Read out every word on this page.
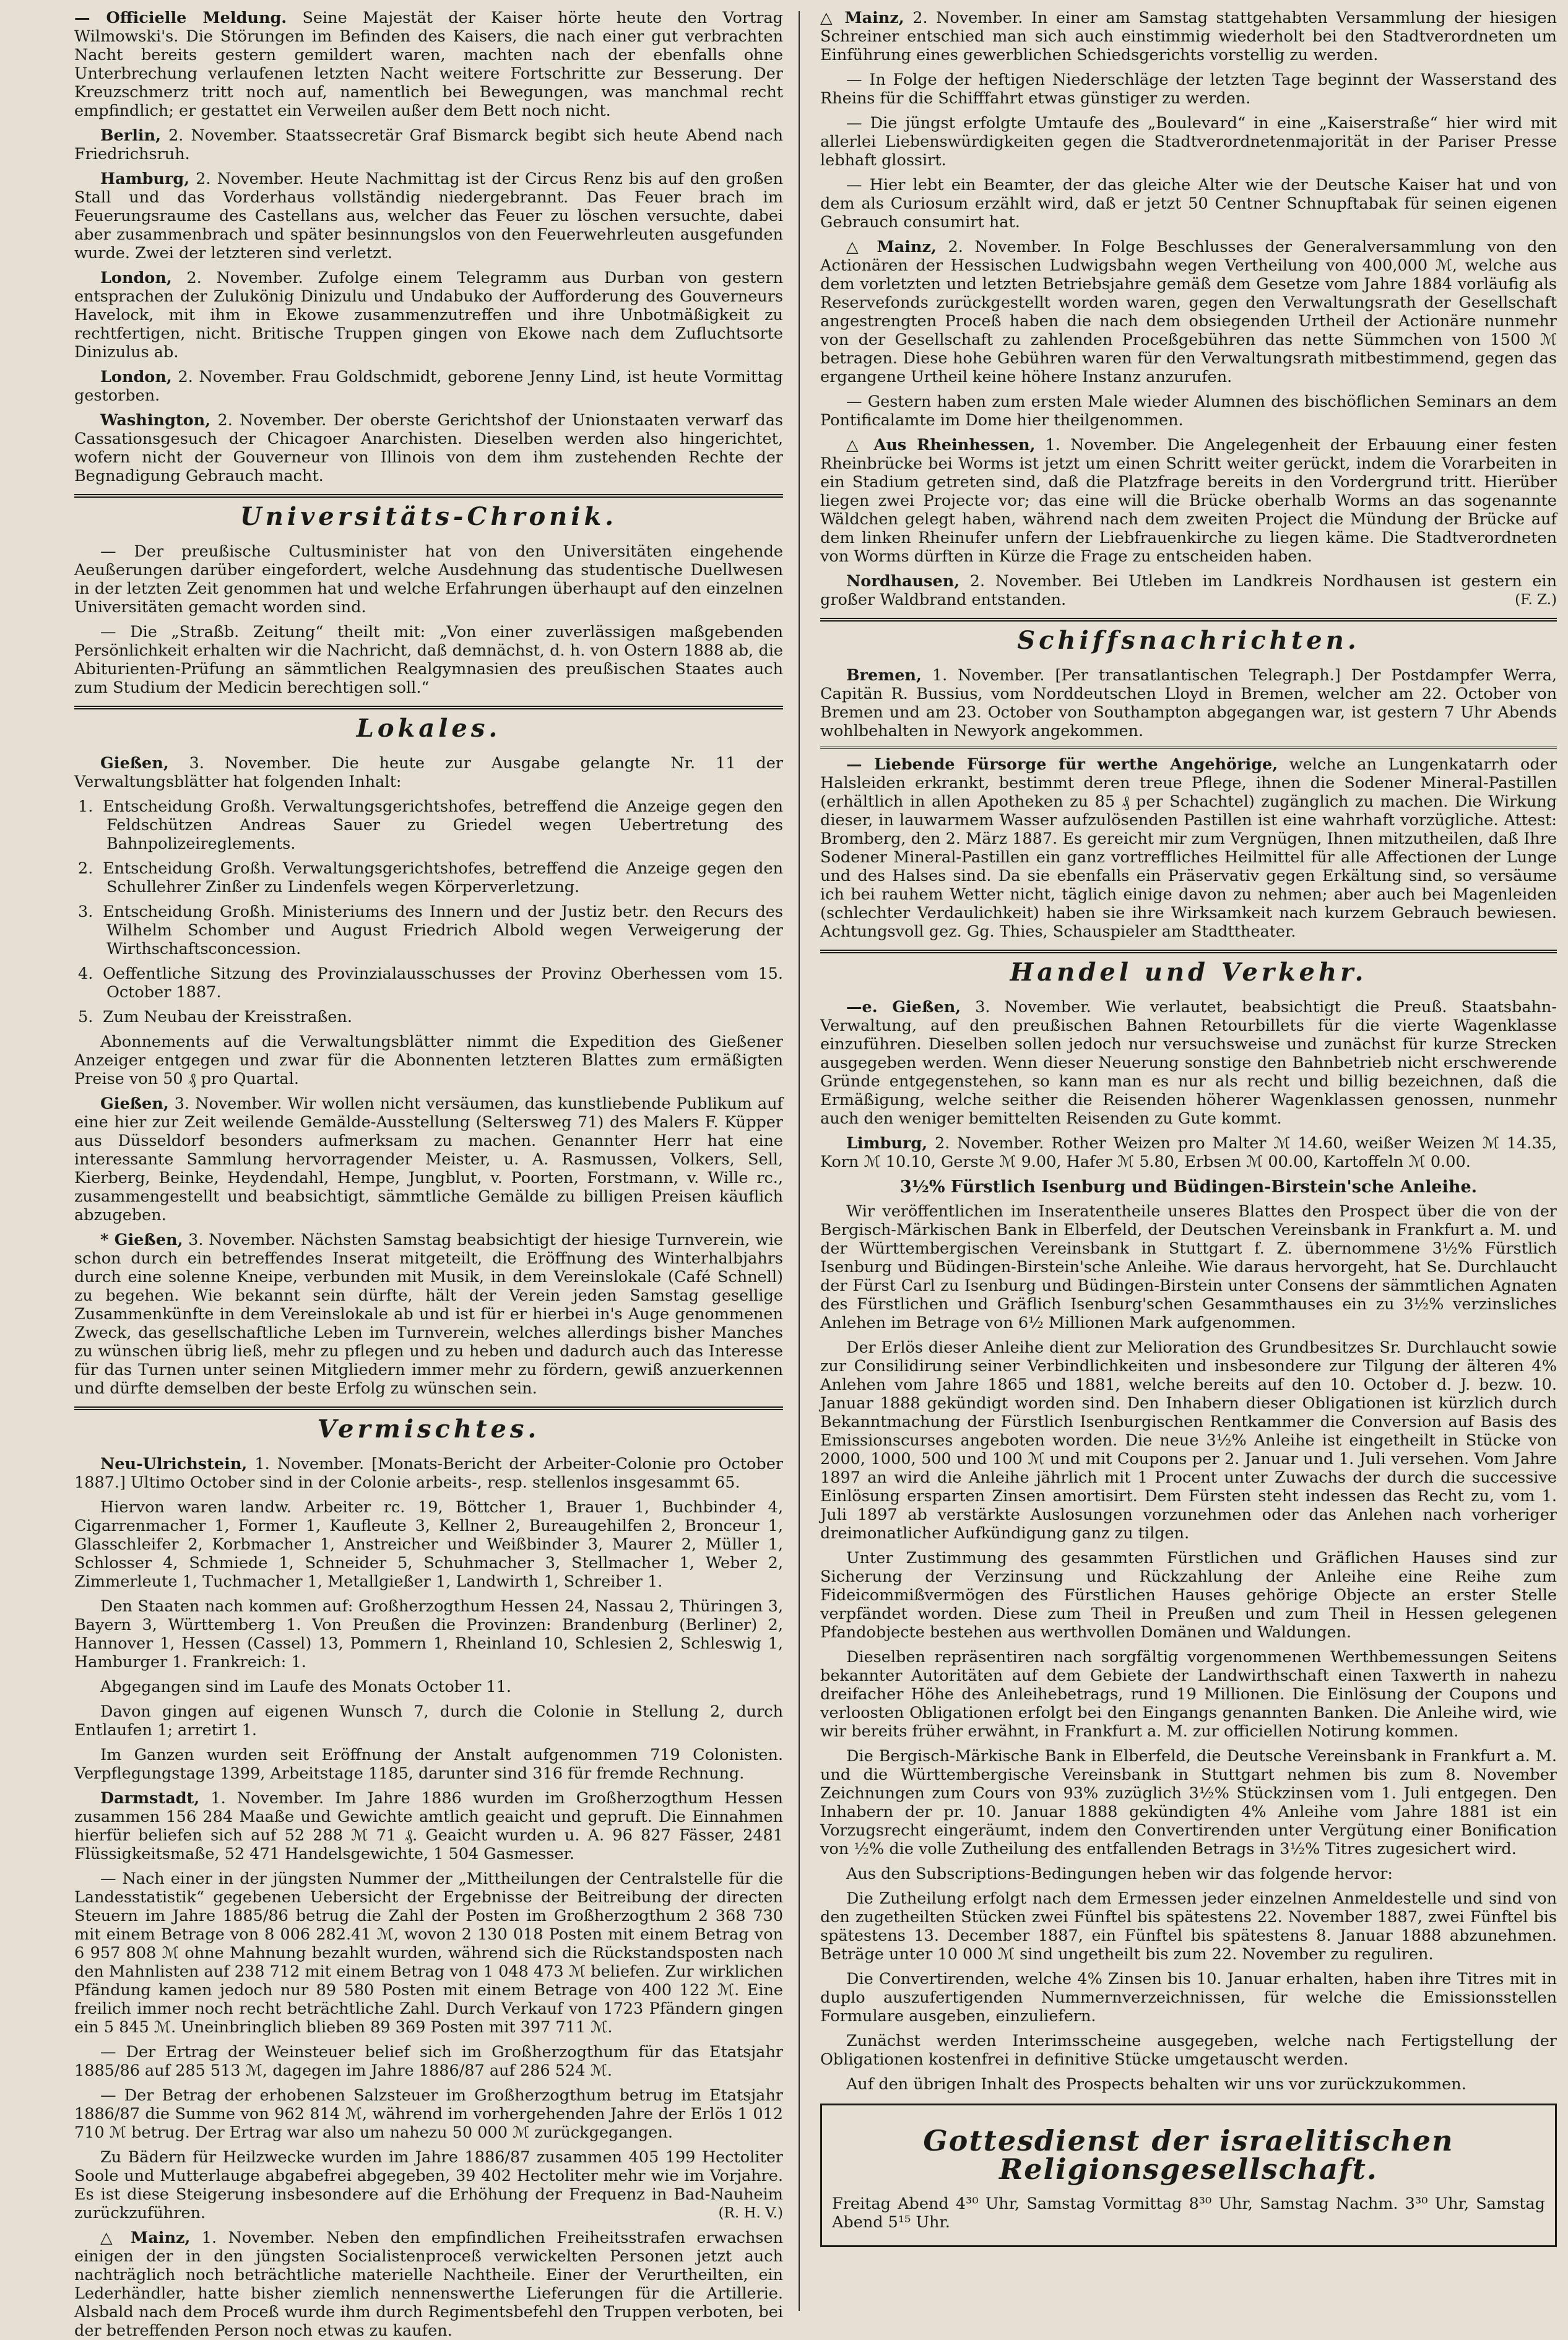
— Officielle Meldung. Seine Majestät der Kaiser hörte heute den Vortrag Wilmowski's. Die Störungen im Befinden des Kaisers, die nach einer gut verbrachten Nacht bereits gestern gemildert waren, machten nach der ebenfalls ohne Unterbrechung verlaufenen letzten Nacht weitere Fortschritte zur Besserung. Der Kreuzschmerz tritt noch auf, namentlich bei Bewegungen, was manchmal recht empfindlich; er gestattet ein Verweilen außer dem Bett noch nicht.

Berlin, 2. November. Staatssecretär Graf Bismarck begibt sich heute Abend nach Friedrichsruh.

Hamburg, 2. November. Heute Nachmittag ist der Circus Renz bis auf den großen Stall und das Vorderhaus vollständig niedergebrannt. Das Feuer brach im Feuerungsraume des Castellans aus, welcher das Feuer zu löschen versuchte, dabei aber zusammenbrach und später besinnungslos von den Feuerwehrleuten ausgefunden wurde. Zwei der letzteren sind verletzt.

London, 2. November. Zufolge einem Telegramm aus Durban von gestern entsprachen der Zulukönig Dinizulu und Undabuko der Aufforderung des Gouverneurs Havelock, mit ihm in Ekowe zusammenzutreffen und ihre Unbotmäßigkeit zu rechtfertigen, nicht. Britische Truppen gingen von Ekowe nach dem Zufluchtsorte Dinizulus ab.

London, 2. November. Frau Goldschmidt, geborene Jenny Lind, ist heute Vormittag gestorben.

Washington, 2. November. Der oberste Gerichtshof der Unionstaaten verwarf das Cassationsgesuch der Chicagoer Anarchisten. Dieselben werden also hingerichtet, wofern nicht der Gouverneur von Illinois von dem ihm zustehenden Rechte der Begnadigung Gebrauch macht.

Universitäts-Chronik.

— Der preußische Cultusminister hat von den Universitäten eingehende Aeußerungen darüber eingefordert, welche Ausdehnung das studentische Duellwesen in der letzten Zeit genommen hat und welche Erfahrungen überhaupt auf den einzelnen Universitäten gemacht worden sind.

— Die „Straßb. Zeitung“ theilt mit: „Von einer zuverlässigen maßgebenden Persönlichkeit erhalten wir die Nachricht, daß demnächst, d. h. von Ostern 1888 ab, die Abiturienten-Prüfung an sämmtlichen Realgymnasien des preußischen Staates auch zum Studium der Medicin berechtigen soll.“

Lokales.

Gießen, 3. November. Die heute zur Ausgabe gelangte Nr. 11 der Verwaltungsblätter hat folgenden Inhalt:

1. Entscheidung Großh. Verwaltungsgerichtshofes, betreffend die Anzeige gegen den Feldschützen Andreas Sauer zu Griedel wegen Uebertretung des Bahnpolizeireglements.

2. Entscheidung Großh. Verwaltungsgerichtshofes, betreffend die Anzeige gegen den Schullehrer Zinßer zu Lindenfels wegen Körperverletzung.

3. Entscheidung Großh. Ministeriums des Innern und der Justiz betr. den Recurs des Wilhelm Schomber und August Friedrich Albold wegen Verweigerung der Wirthschaftsconcession.

4. Oeffentliche Sitzung des Provinzialausschusses der Provinz Oberhessen vom 15. October 1887.

5. Zum Neubau der Kreisstraßen.

Abonnements auf die Verwaltungsblätter nimmt die Expedition des Gießener Anzeiger entgegen und zwar für die Abonnenten letzteren Blattes zum ermäßigten Preise von 50 ₰ pro Quartal.

Gießen, 3. November. Wir wollen nicht versäumen, das kunstliebende Publikum auf eine hier zur Zeit weilende Gemälde-Ausstellung (Seltersweg 71) des Malers F. Küpper aus Düsseldorf besonders aufmerksam zu machen. Genannter Herr hat eine interessante Sammlung hervorragender Meister, u. A. Rasmussen, Volkers, Sell, Kierberg, Beinke, Heydendahl, Hempe, Jungblut, v. Poorten, Forstmann, v. Wille rc., zusammengestellt und beabsichtigt, sämmtliche Gemälde zu billigen Preisen käuflich abzugeben.

* Gießen, 3. November. Nächsten Samstag beabsichtigt der hiesige Turnverein, wie schon durch ein betreffendes Inserat mitgeteilt, die Eröffnung des Winterhalbjahrs durch eine solenne Kneipe, verbunden mit Musik, in dem Vereinslokale (Café Schnell) zu begehen. Wie bekannt sein dürfte, hält der Verein jeden Samstag gesellige Zusammenkünfte in dem Vereinslokale ab und ist für er hierbei in's Auge genommenen Zweck, das gesellschaftliche Leben im Turnverein, welches allerdings bisher Manches zu wünschen übrig ließ, mehr zu pflegen und zu heben und dadurch auch das Interesse für das Turnen unter seinen Mitgliedern immer mehr zu fördern, gewiß anzuerkennen und dürfte demselben der beste Erfolg zu wünschen sein.

Vermischtes.

Neu-Ulrichstein, 1. November. [Monats-Bericht der Arbeiter-Colonie pro October 1887.] Ultimo October sind in der Colonie arbeits-, resp. stellenlos insgesammt 65.

Hiervon waren landw. Arbeiter rc. 19, Böttcher 1, Brauer 1, Buchbinder 4, Cigarrenmacher 1, Former 1, Kaufleute 3, Kellner 2, Bureaugehilfen 2, Bronceur 1, Glasschleifer 2, Korbmacher 1, Anstreicher und Weißbinder 3, Maurer 2, Müller 1, Schlosser 4, Schmiede 1, Schneider 5, Schuhmacher 3, Stellmacher 1, Weber 2, Zimmerleute 1, Tuchmacher 1, Metallgießer 1, Landwirth 1, Schreiber 1.

Den Staaten nach kommen auf: Großherzogthum Hessen 24, Nassau 2, Thüringen 3, Bayern 3, Württemberg 1. Von Preußen die Provinzen: Brandenburg (Berliner) 2, Hannover 1, Hessen (Cassel) 13, Pommern 1, Rheinland 10, Schlesien 2, Schleswig 1, Hamburger 1. Frankreich: 1.

Abgegangen sind im Laufe des Monats October 11.

Davon gingen auf eigenen Wunsch 7, durch die Colonie in Stellung 2, durch Entlaufen 1; arretirt 1.

Im Ganzen wurden seit Eröffnung der Anstalt aufgenommen 719 Colonisten. Verpflegungstage 1399, Arbeitstage 1185, darunter sind 316 für fremde Rechnung.

Darmstadt, 1. November. Im Jahre 1886 wurden im Großherzogthum Hessen zusammen 156 284 Maaße und Gewichte amtlich geaicht und gepruft. Die Einnahmen hierfür beliefen sich auf 52 288 ℳ 71 ₰. Geaicht wurden u. A. 96 827 Fässer, 2481 Flüssigkeitsmaße, 52 471 Handelsgewichte, 1 504 Gasmesser.

— Nach einer in der jüngsten Nummer der „Mittheilungen der Centralstelle für die Landesstatistik“ gegebenen Uebersicht der Ergebnisse der Beitreibung der directen Steuern im Jahre 1885/86 betrug die Zahl der Posten im Großherzogthum 2 368 730 mit einem Betrage von 8 006 282.41 ℳ, wovon 2 130 018 Posten mit einem Betrag von 6 957 808 ℳ ohne Mahnung bezahlt wurden, während sich die Rückstandsposten nach den Mahnlisten auf 238 712 mit einem Betrag von 1 048 473 ℳ beliefen. Zur wirklichen Pfändung kamen jedoch nur 89 580 Posten mit einem Betrage von 400 122 ℳ. Eine freilich immer noch recht beträchtliche Zahl. Durch Verkauf von 1723 Pfändern gingen ein 5 845 ℳ. Uneinbringlich blieben 89 369 Posten mit 397 711 ℳ.

— Der Ertrag der Weinsteuer belief sich im Großherzogthum für das Etatsjahr 1885/86 auf 285 513 ℳ, dagegen im Jahre 1886/87 auf 286 524 ℳ.

— Der Betrag der erhobenen Salzsteuer im Großherzogthum betrug im Etatsjahr 1886/87 die Summe von 962 814 ℳ, während im vorhergehenden Jahre der Erlös 1 012 710 ℳ betrug. Der Ertrag war also um nahezu 50 000 ℳ zurückgegangen.

Zu Bädern für Heilzwecke wurden im Jahre 1886/87 zusammen 405 199 Hectoliter Soole und Mutterlauge abgabefrei abgegeben, 39 402 Hectoliter mehr wie im Vorjahre. Es ist diese Steigerung insbesondere auf die Erhöhung der Frequenz in Bad-Nauheim zurückzuführen.	(R. H. V.)

△ Mainz, 1. November. Neben den empfindlichen Freiheitsstrafen erwachsen einigen der in den jüngsten Socialistenproceß verwickelten Personen jetzt auch nachträglich noch beträchtliche materielle Nachtheile. Einer der Verurtheilten, ein Lederhändler, hatte bisher ziemlich nennenswerthe Lieferungen für die Artillerie. Alsbald nach dem Proceß wurde ihm durch Regimentsbefehl den Truppen verboten, bei der betreffenden Person noch etwas zu kaufen.

△ Mainz, 2. November. In einer am Samstag stattgehabten Versammlung der hiesigen Schreiner entschied man sich auch einstimmig wiederholt bei den Stadtverordneten um Einführung eines gewerblichen Schiedsgerichts vorstellig zu werden.

— In Folge der heftigen Niederschläge der letzten Tage beginnt der Wasserstand des Rheins für die Schifffahrt etwas günstiger zu werden.

— Die jüngst erfolgte Umtaufe des „Boulevard“ in eine „Kaiserstraße“ hier wird mit allerlei Liebenswürdigkeiten gegen die Stadtverordnetenmajorität in der Pariser Presse lebhaft glossirt.

— Hier lebt ein Beamter, der das gleiche Alter wie der Deutsche Kaiser hat und von dem als Curiosum erzählt wird, daß er jetzt 50 Centner Schnupftabak für seinen eigenen Gebrauch consumirt hat.

△ Mainz, 2. November. In Folge Beschlusses der Generalversammlung von den Actionären der Hessischen Ludwigsbahn wegen Vertheilung von 400,000 ℳ, welche aus dem vorletzten und letzten Betriebsjahre gemäß dem Gesetze vom Jahre 1884 vorläufig als Reservefonds zurückgestellt worden waren, gegen den Verwaltungsrath der Gesellschaft angestrengten Proceß haben die nach dem obsiegenden Urtheil der Actionäre nunmehr von der Gesellschaft zu zahlenden Proceßgebühren das nette Sümmchen von 1500 ℳ betragen. Diese hohe Gebühren waren für den Verwaltungsrath mitbestimmend, gegen das ergangene Urtheil keine höhere Instanz anzurufen.

— Gestern haben zum ersten Male wieder Alumnen des bischöflichen Seminars an dem Pontificalamte im Dome hier theilgenommen.

△ Aus Rheinhessen, 1. November. Die Angelegenheit der Erbauung einer festen Rheinbrücke bei Worms ist jetzt um einen Schritt weiter gerückt, indem die Vorarbeiten in ein Stadium getreten sind, daß die Platzfrage bereits in den Vordergrund tritt. Hierüber liegen zwei Projecte vor; das eine will die Brücke oberhalb Worms an das sogenannte Wäldchen gelegt haben, während nach dem zweiten Project die Mündung der Brücke auf dem linken Rheinufer unfern der Liebfrauenkirche zu liegen käme. Die Stadtverordneten von Worms dürften in Kürze die Frage zu entscheiden haben.

Nordhausen, 2. November. Bei Utleben im Landkreis Nordhausen ist gestern ein großer Waldbrand entstanden.	(F. Z.)

Schiffsnachrichten.

Bremen, 1. November. [Per transatlantischen Telegraph.] Der Postdampfer Werra, Capitän R. Bussius, vom Norddeutschen Lloyd in Bremen, welcher am 22. October von Bremen und am 23. October von Southampton abgegangen war, ist gestern 7 Uhr Abends wohlbehalten in Newyork angekommen.

— Liebende Fürsorge für werthe Angehörige, welche an Lungenkatarrh oder Halsleiden erkrankt, bestimmt deren treue Pflege, ihnen die Sodener Mineral-Pastillen (erhältlich in allen Apotheken zu 85 ₰ per Schachtel) zugänglich zu machen. Die Wirkung dieser, in lauwarmem Wasser aufzulösenden Pastillen ist eine wahrhaft vorzügliche. Attest: Bromberg, den 2. März 1887. Es gereicht mir zum Vergnügen, Ihnen mitzutheilen, daß Ihre Sodener Mineral-Pastillen ein ganz vortreffliches Heilmittel für alle Affectionen der Lunge und des Halses sind. Da sie ebenfalls ein Präservativ gegen Erkältung sind, so versäume ich bei rauhem Wetter nicht, täglich einige davon zu nehmen; aber auch bei Magenleiden (schlechter Verdaulichkeit) haben sie ihre Wirksamkeit nach kurzem Gebrauch bewiesen. Achtungsvoll gez. Gg. Thies, Schauspieler am Stadttheater.

Handel und Verkehr.

—e. Gießen, 3. November. Wie verlautet, beabsichtigt die Preuß. Staatsbahn-Verwaltung, auf den preußischen Bahnen Retourbillets für die vierte Wagenklasse einzuführen. Dieselben sollen jedoch nur versuchsweise und zunächst für kurze Strecken ausgegeben werden. Wenn dieser Neuerung sonstige den Bahnbetrieb nicht erschwerende Gründe entgegenstehen, so kann man es nur als recht und billig bezeichnen, daß die Ermäßigung, welche seither die Reisenden höherer Wagenklassen genossen, nunmehr auch den weniger bemittelten Reisenden zu Gute kommt.

Limburg, 2. November. Rother Weizen pro Malter ℳ 14.60, weißer Weizen ℳ 14.35, Korn ℳ 10.10, Gerste ℳ 9.00, Hafer ℳ 5.80, Erbsen ℳ 00.00, Kartoffeln ℳ 0.00.

3½% Fürstlich Isenburg und Büdingen-Birstein'sche Anleihe.

Wir veröffentlichen im Inseratentheile unseres Blattes den Prospect über die von der Bergisch-Märkischen Bank in Elberfeld, der Deutschen Vereinsbank in Frankfurt a. M. und der Württembergischen Vereinsbank in Stuttgart f. Z. übernommene 3½% Fürstlich Isenburg und Büdingen-Birstein'sche Anleihe. Wie daraus hervorgeht, hat Se. Durchlaucht der Fürst Carl zu Isenburg und Büdingen-Birstein unter Consens der sämmtlichen Agnaten des Fürstlichen und Gräflich Isenburg'schen Gesammthauses ein zu 3½% verzinsliches Anlehen im Betrage von 6½ Millionen Mark aufgenommen.

Der Erlös dieser Anleihe dient zur Melioration des Grundbesitzes Sr. Durchlaucht sowie zur Consilidirung seiner Verbindlichkeiten und insbesondere zur Tilgung der älteren 4% Anlehen vom Jahre 1865 und 1881, welche bereits auf den 10. October d. J. bezw. 10. Januar 1888 gekündigt worden sind. Den Inhabern dieser Obligationen ist kürzlich durch Bekanntmachung der Fürstlich Isenburgischen Rentkammer die Conversion auf Basis des Emissionscurses angeboten worden. Die neue 3½% Anleihe ist eingetheilt in Stücke von 2000, 1000, 500 und 100 ℳ und mit Coupons per 2. Januar und 1. Juli versehen. Vom Jahre 1897 an wird die Anleihe jährlich mit 1 Procent unter Zuwachs der durch die successive Einlösung ersparten Zinsen amortisirt. Dem Fürsten steht indessen das Recht zu, vom 1. Juli 1897 ab verstärkte Auslosungen vorzunehmen oder das Anlehen nach vorheriger dreimonatlicher Aufkündigung ganz zu tilgen.

Unter Zustimmung des gesammten Fürstlichen und Gräflichen Hauses sind zur Sicherung der Verzinsung und Rückzahlung der Anleihe eine Reihe zum Fideicommißvermögen des Fürstlichen Hauses gehörige Objecte an erster Stelle verpfändet worden. Diese zum Theil in Preußen und zum Theil in Hessen gelegenen Pfandobjecte bestehen aus werthvollen Domänen und Waldungen.

Dieselben repräsentiren nach sorgfältig vorgenommenen Werthbemessungen Seitens bekannter Autoritäten auf dem Gebiete der Landwirthschaft einen Taxwerth in nahezu dreifacher Höhe des Anleihebetrags, rund 19 Millionen. Die Einlösung der Coupons und verloosten Obligationen erfolgt bei den Eingangs genannten Banken. Die Anleihe wird, wie wir bereits früher erwähnt, in Frankfurt a. M. zur officiellen Notirung kommen.

Die Bergisch-Märkische Bank in Elberfeld, die Deutsche Vereinsbank in Frankfurt a. M. und die Württembergische Vereinsbank in Stuttgart nehmen bis zum 8. November Zeichnungen zum Cours von 93% zuzüglich 3½% Stückzinsen vom 1. Juli entgegen. Den Inhabern der pr. 10. Januar 1888 gekündigten 4% Anleihe vom Jahre 1881 ist ein Vorzugsrecht eingeräumt, indem den Convertirenden unter Vergütung einer Bonification von ½% die volle Zutheilung des entfallenden Betrags in 3½% Titres zugesichert wird.

Aus den Subscriptions-Bedingungen heben wir das folgende hervor:

Die Zutheilung erfolgt nach dem Ermessen jeder einzelnen Anmeldestelle und sind von den zugetheilten Stücken zwei Fünftel bis spätestens 22. November 1887, zwei Fünftel bis spätestens 13. December 1887, ein Fünftel bis spätestens 8. Januar 1888 abzunehmen. Beträge unter 10 000 ℳ sind ungetheilt bis zum 22. November zu reguliren.

Die Convertirenden, welche 4% Zinsen bis 10. Januar erhalten, haben ihre Titres mit in duplo auszufertigenden Nummernverzeichnissen, für welche die Emissionsstellen Formulare ausgeben, einzuliefern.

Zunächst werden Interimsscheine ausgegeben, welche nach Fertigstellung der Obligationen kostenfrei in definitive Stücke umgetauscht werden.

Auf den übrigen Inhalt des Prospects behalten wir uns vor zurückzukommen.

Gottesdienst der israelitischen Religionsgesellschaft.

Freitag Abend 4³⁰ Uhr, Samstag Vormittag 8³⁰ Uhr, Samstag Nachm. 3³⁰ Uhr, Samstag Abend 5¹⁵ Uhr.
